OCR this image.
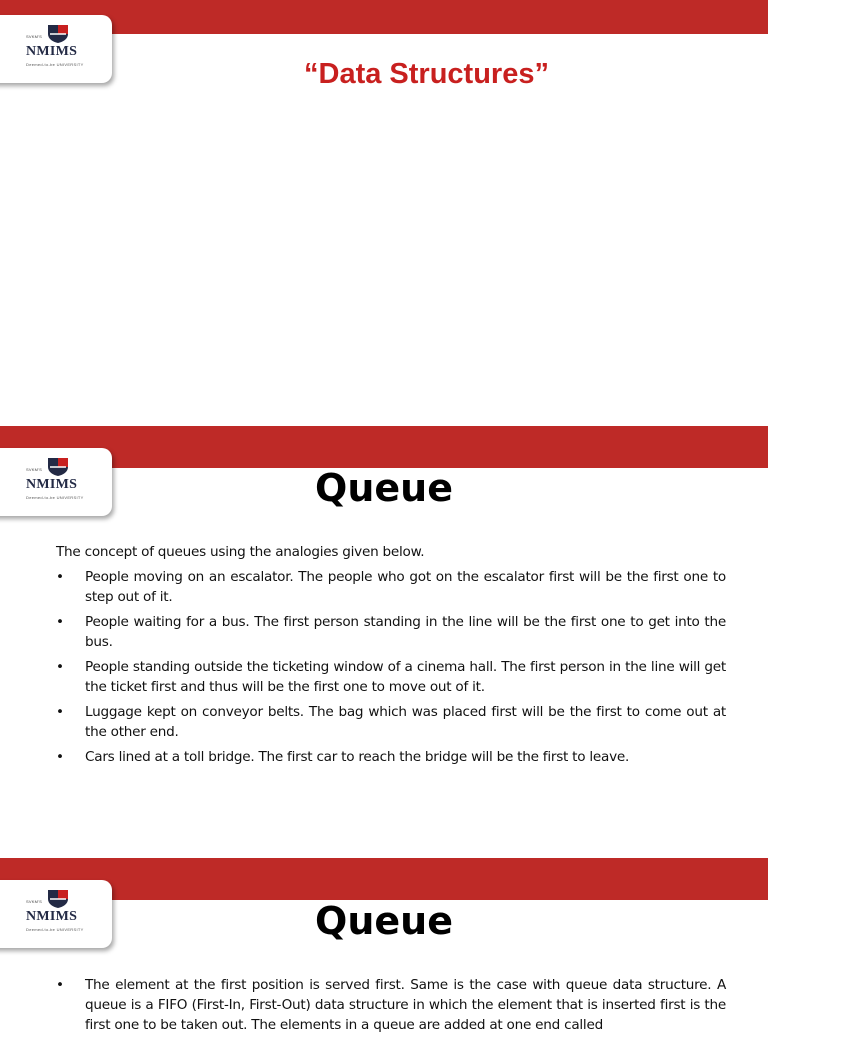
SVKM'S
NMIMS
Deemed-to-be UNIVERSITY	“Data Structures”
SVKM'S
NMIMS
Deemed-to-be UNIVERSITY	Queue
The concept of queues using the analogies given below.
• People moving on an escalator. The people who got on the escalator first will be the first one to step out of it.
• People waiting for a bus. The first person standing in the line will be the first one to get into the bus.
• People standing outside the ticketing window of a cinema hall. The first person in the line will get the ticket first and thus will be the first one to move out of it.
• Luggage kept on conveyor belts. The bag which was placed first will be the first to come out at the other end.
• Cars lined at a toll bridge. The first car to reach the bridge will be the first to leave.
SVKM'S
NMIMS
Deemed-to-be UNIVERSITY	Queue
• The element at the first position is served first. Same is the case with queue data structure. A queue is a FIFO (First-In, First-Out) data structure in which the element that is inserted first is the first one to be taken out. The elements in a queue are added at one end called
